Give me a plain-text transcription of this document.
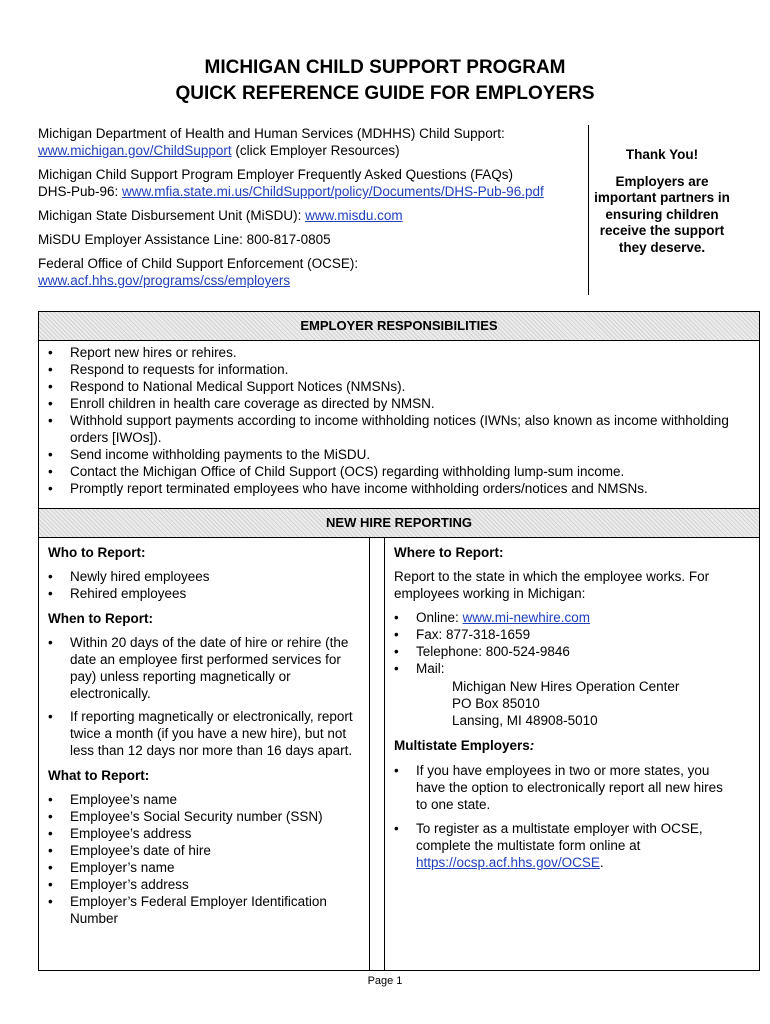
MICHIGAN CHILD SUPPORT PROGRAM
QUICK REFERENCE GUIDE FOR EMPLOYERS

Michigan Department of Health and Human Services (MDHHS) Child Support:
www.michigan.gov/ChildSupport (click Employer Resources)

Michigan Child Support Program Employer Frequently Asked Questions (FAQs)
DHS-Pub-96: www.mfia.state.mi.us/ChildSupport/policy/Documents/DHS-Pub-96.pdf

Michigan State Disbursement Unit (MiSDU): www.misdu.com

MiSDU Employer Assistance Line: 800-817-0805

Federal Office of Child Support Enforcement (OCSE):
www.acf.hhs.gov/programs/css/employers

Thank You!
Employers are important partners in ensuring children receive the support they deserve.
EMPLOYER RESPONSIBILITIES
• Report new hires or rehires.
• Respond to requests for information.
• Respond to National Medical Support Notices (NMSNs).
• Enroll children in health care coverage as directed by NMSN.
• Withhold support payments according to income withholding notices (IWNs; also known as income withholding orders [IWOs]).
• Send income withholding payments to the MiSDU.
• Contact the Michigan Office of Child Support (OCS) regarding withholding lump-sum income.
• Promptly report terminated employees who have income withholding orders/notices and NMSNs.
NEW HIRE REPORTING
Who to Report:
• Newly hired employees
• Rehired employees
When to Report:
• Within 20 days of the date of hire or rehire (the date an employee first performed services for pay) unless reporting magnetically or electronically.
• If reporting magnetically or electronically, report twice a month (if you have a new hire), but not less than 12 days nor more than 16 days apart.
What to Report:
• Employee’s name
• Employee’s Social Security number (SSN)
• Employee’s address
• Employee’s date of hire
• Employer’s name
• Employer’s address
• Employer’s Federal Employer Identification Number
Where to Report:
Report to the state in which the employee works. For employees working in Michigan:
• Online: www.mi-newhire.com
• Fax: 877-318-1659
• Telephone: 800-524-9846
• Mail:
Michigan New Hires Operation Center
PO Box 85010
Lansing, MI 48908-5010
Multistate Employers:
• If you have employees in two or more states, you have the option to electronically report all new hires to one state.
• To register as a multistate employer with OCSE, complete the multistate form online at https://ocsp.acf.hhs.gov/OCSE.
Page 1
